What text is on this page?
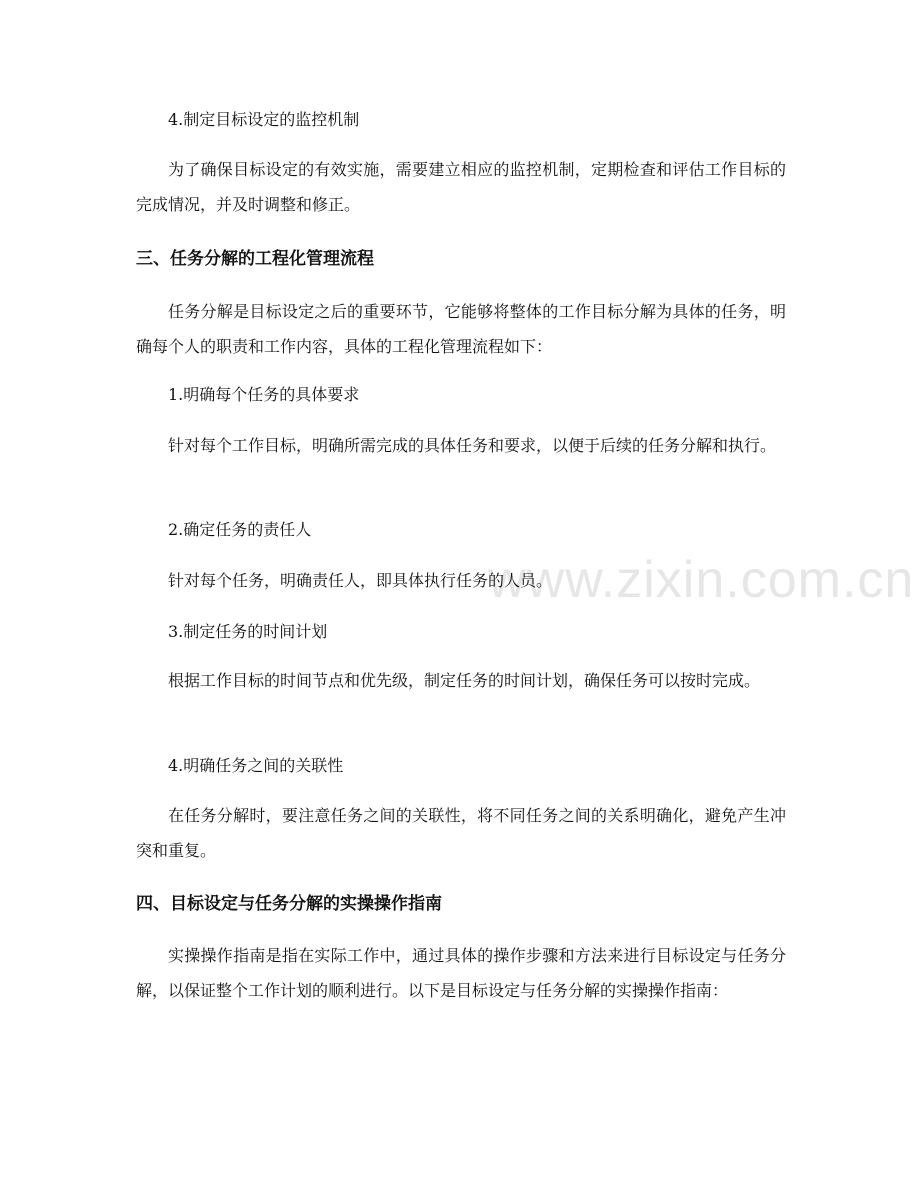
www.zixin.com.cn

4.制定目标设定的监控机制

为了确保目标设定的有效实施，需要建立相应的监控机制，定期检查和评估工作目标的完成情况，并及时调整和修正。

三、任务分解的工程化管理流程

任务分解是目标设定之后的重要环节，它能够将整体的工作目标分解为具体的任务，明确每个人的职责和工作内容，具体的工程化管理流程如下：

1.明确每个任务的具体要求

针对每个工作目标，明确所需完成的具体任务和要求，以便于后续的任务分解和执行。

2.确定任务的责任人

针对每个任务，明确责任人，即具体执行任务的人员。

3.制定任务的时间计划

根据工作目标的时间节点和优先级，制定任务的时间计划，确保任务可以按时完成。

4.明确任务之间的关联性

在任务分解时，要注意任务之间的关联性，将不同任务之间的关系明确化，避免产生冲突和重复。

四、目标设定与任务分解的实操操作指南

实操操作指南是指在实际工作中，通过具体的操作步骤和方法来进行目标设定与任务分解，以保证整个工作计划的顺利进行。以下是目标设定与任务分解的实操操作指南：
